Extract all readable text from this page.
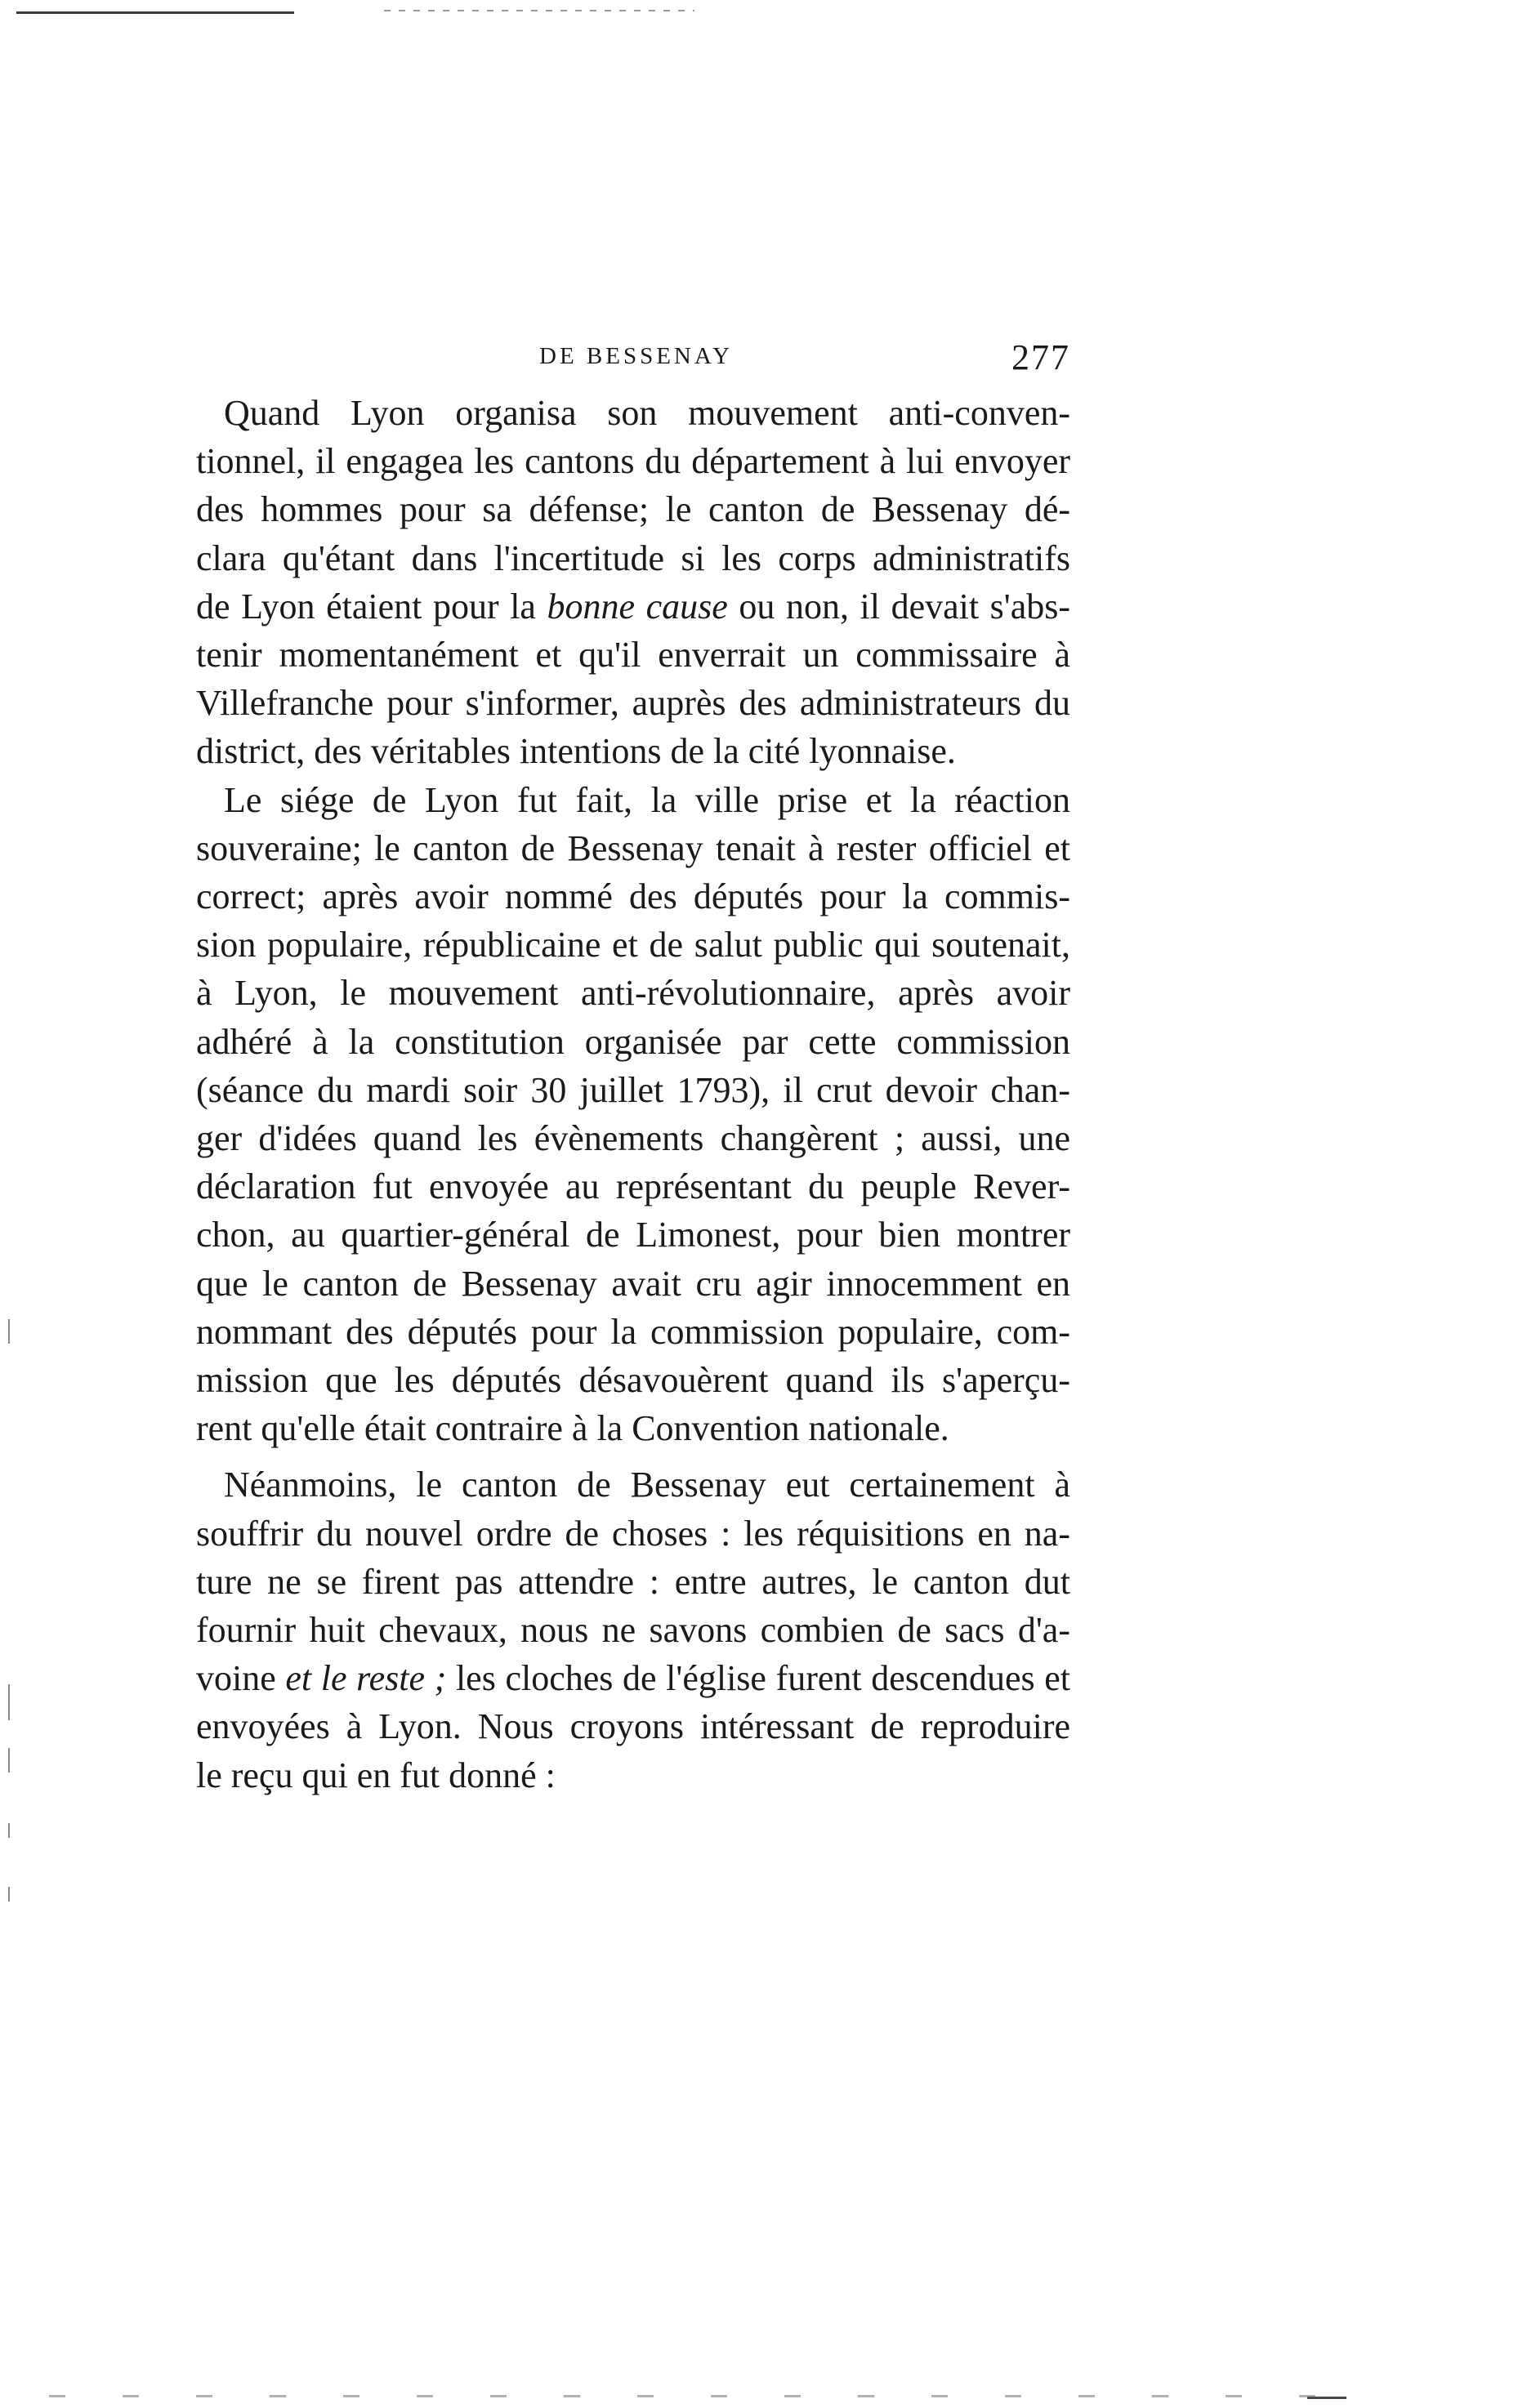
DE BESSENAY	277

Quand Lyon organisa son mouvement anti-conven-
tionnel, il engagea les cantons du département à lui envoyer
des hommes pour sa défense; le canton de Bessenay dé-
clara qu'étant dans l'incertitude si les corps administratifs
de Lyon étaient pour la bonne cause ou non, il devait s'abs-
tenir momentanément et qu'il enverrait un commissaire à
Villefranche pour s'informer, auprès des administrateurs du
district, des véritables intentions de la cité lyonnaise.

Le siége de Lyon fut fait, la ville prise et la réaction
souveraine; le canton de Bessenay tenait à rester officiel et
correct; après avoir nommé des députés pour la commis-
sion populaire, républicaine et de salut public qui soutenait,
à Lyon, le mouvement anti-révolutionnaire, après avoir
adhéré à la constitution organisée par cette commission
(séance du mardi soir 30 juillet 1793), il crut devoir chan-
ger d'idées quand les évènements changèrent ; aussi, une
déclaration fut envoyée au représentant du peuple Rever-
chon, au quartier-général de Limonest, pour bien montrer
que le canton de Bessenay avait cru agir innocemment en
nommant des députés pour la commission populaire, com-
mission que les députés désavouèrent quand ils s'aperçu-
rent qu'elle était contraire à la Convention nationale.

Néanmoins, le canton de Bessenay eut certainement à
souffrir du nouvel ordre de choses : les réquisitions en na-
ture ne se firent pas attendre : entre autres, le canton dut
fournir huit chevaux, nous ne savons combien de sacs d'a-
voine et le reste ; les cloches de l'église furent descendues et
envoyées à Lyon. Nous croyons intéressant de reproduire
le reçu qui en fut donné :
